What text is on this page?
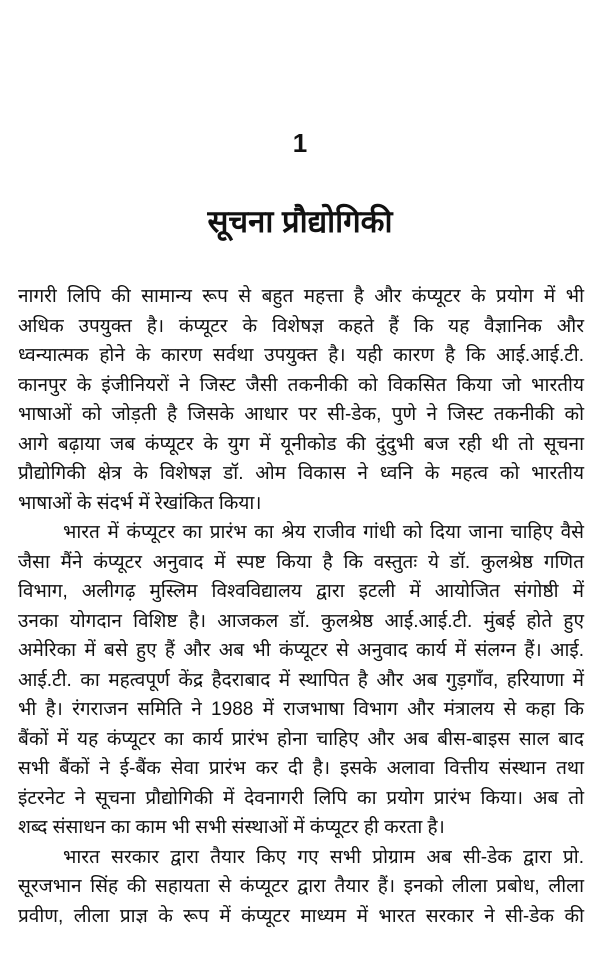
1
सूचना प्रौद्योगिकी
नागरी लिपि की सामान्य रूप से बहुत महत्ता है और कंप्यूटर के प्रयोग में भी
अधिक उपयुक्त है। कंप्यूटर के विशेषज्ञ कहते हैं कि यह वैज्ञानिक और
ध्वन्यात्मक होने के कारण सर्वथा उपयुक्त है। यही कारण है कि आई.आई.टी.
कानपुर के इंजीनियरों ने जिस्ट जैसी तकनीकी को विकसित किया जो भारतीय
भाषाओं को जोड़ती है जिसके आधार पर सी-डेक, पुणे ने जिस्ट तकनीकी को
आगे बढ़ाया जब कंप्यूटर के युग में यूनीकोड की दुंदुभी बज रही थी तो सूचना
प्रौद्योगिकी क्षेत्र के विशेषज्ञ डॉ. ओम विकास ने ध्वनि के महत्व को भारतीय
भाषाओं के संदर्भ में रेखांकित किया।
भारत में कंप्यूटर का प्रारंभ का श्रेय राजीव गांधी को दिया जाना चाहिए वैसे
जैसा मैंने कंप्यूटर अनुवाद में स्पष्ट किया है कि वस्तुतः ये डॉ. कुलश्रेष्ठ गणित
विभाग, अलीगढ़ मुस्लिम विश्वविद्यालय द्वारा इटली में आयोजित संगोष्ठी में
उनका योगदान विशिष्ट है। आजकल डॉ. कुलश्रेष्ठ आई.आई.टी. मुंबई होते हुए
अमेरिका में बसे हुए हैं और अब भी कंप्यूटर से अनुवाद कार्य में संलग्न हैं। आई.
आई.टी. का महत्वपूर्ण केंद्र हैदराबाद में स्थापित है और अब गुड़गाँव, हरियाणा में
भी है। रंगराजन समिति ने 1988 में राजभाषा विभाग और मंत्रालय से कहा कि
बैंकों में यह कंप्यूटर का कार्य प्रारंभ होना चाहिए और अब बीस-बाइस साल बाद
सभी बैंकों ने ई-बैंक सेवा प्रारंभ कर दी है। इसके अलावा वित्तीय संस्थान तथा
इंटरनेट ने सूचना प्रौद्योगिकी में देवनागरी लिपि का प्रयोग प्रारंभ किया। अब तो
शब्द संसाधन का काम भी सभी संस्थाओं में कंप्यूटर ही करता है।
भारत सरकार द्वारा तैयार किए गए सभी प्रोग्राम अब सी-डेक द्वारा प्रो.
सूरजभान सिंह की सहायता से कंप्यूटर द्वारा तैयार हैं। इनको लीला प्रबोध, लीला
प्रवीण, लीला प्राज्ञ के रूप में कंप्यूटर माध्यम में भारत सरकार ने सी-डेक की
